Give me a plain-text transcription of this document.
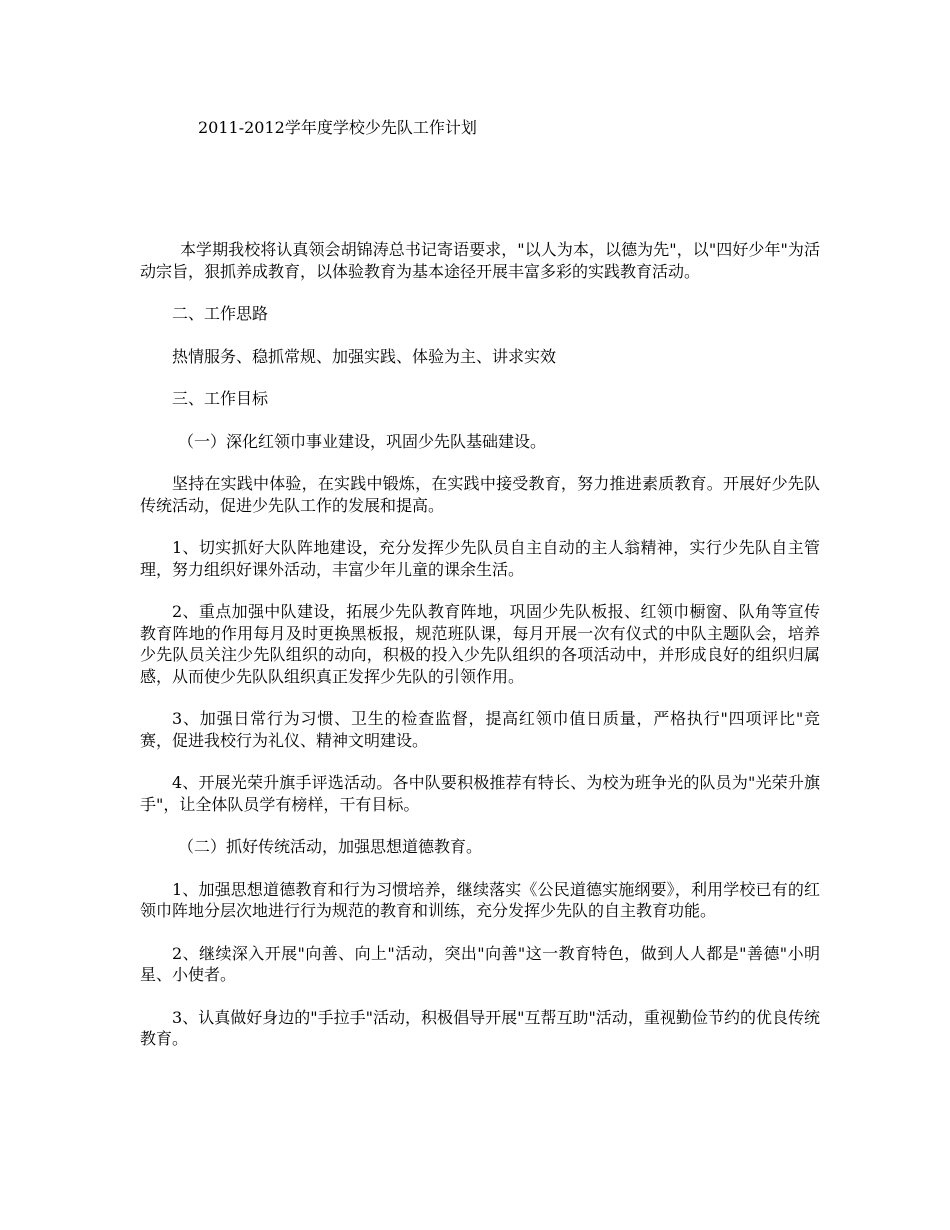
2011-2012学年度学校少先队工作计划

本学期我校将认真领会胡锦涛总书记寄语要求，"以人为本，以德为先"，以"四好少年"为活动宗旨，狠抓养成教育，以体验教育为基本途径开展丰富多彩的实践教育活动。

二、工作思路

热情服务、稳抓常规、加强实践、体验为主、讲求实效

三、工作目标

（一）深化红领巾事业建设，巩固少先队基础建设。

坚持在实践中体验，在实践中锻炼，在实践中接受教育，努力推进素质教育。开展好少先队传统活动，促进少先队工作的发展和提高。

1、切实抓好大队阵地建设，充分发挥少先队员自主自动的主人翁精神，实行少先队自主管理，努力组织好课外活动，丰富少年儿童的课余生活。

2、重点加强中队建设，拓展少先队教育阵地，巩固少先队板报、红领巾橱窗、队角等宣传教育阵地的作用每月及时更换黑板报，规范班队课，每月开展一次有仪式的中队主题队会，培养少先队员关注少先队组织的动向，积极的投入少先队组织的各项活动中，并形成良好的组织归属感，从而使少先队队组织真正发挥少先队的引领作用。

3、加强日常行为习惯、卫生的检查监督，提高红领巾值日质量，严格执行"四项评比"竞赛，促进我校行为礼仪、精神文明建设。

4、开展光荣升旗手评选活动。各中队要积极推荐有特长、为校为班争光的队员为"光荣升旗手"，让全体队员学有榜样，干有目标。

（二）抓好传统活动，加强思想道德教育。

1、加强思想道德教育和行为习惯培养，继续落实《公民道德实施纲要》，利用学校已有的红领巾阵地分层次地进行行为规范的教育和训练，充分发挥少先队的自主教育功能。

2、继续深入开展"向善、向上"活动，突出"向善"这一教育特色，做到人人都是"善德"小明星、小使者。

3、认真做好身边的"手拉手"活动，积极倡导开展"互帮互助"活动，重视勤俭节约的优良传统教育。
